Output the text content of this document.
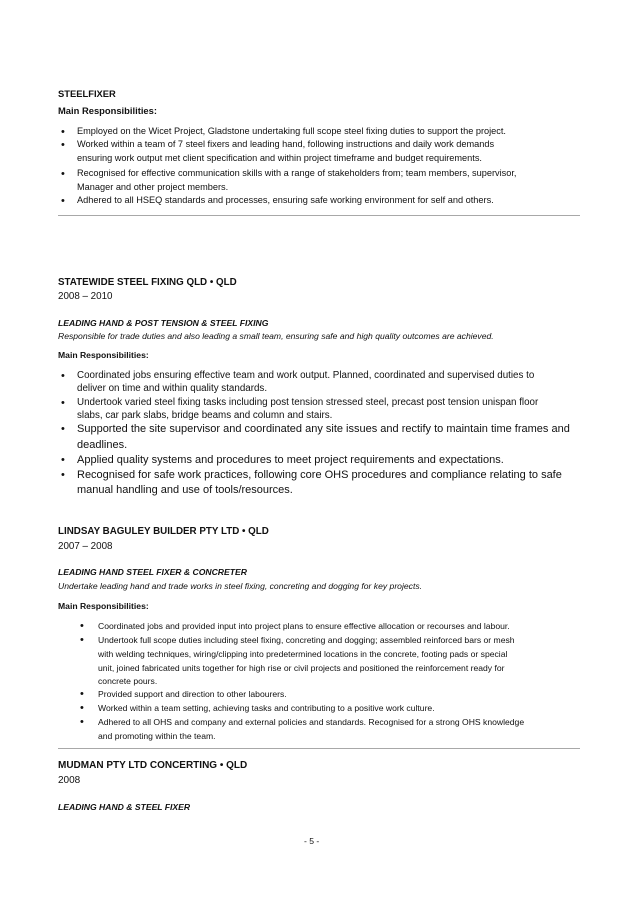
STEELFIXER
Main Responsibilities:
• Employed on the Wicet Project, Gladstone undertaking full scope steel fixing duties to support the project.
• Worked within a team of 7 steel fixers and leading hand, following instructions and daily work demands
ensuring work output met client specification and within project timeframe and budget requirements.
• Recognised for effective communication skills with a range of stakeholders from; team members, supervisor,
Manager and other project members.
• Adhered to all HSEQ standards and processes, ensuring safe working environment for self and others.
STATEWIDE STEEL FIXING QLD • QLD
2008 – 2010
LEADING HAND & POST TENSION & STEEL FIXING
Responsible for trade duties and also leading a small team, ensuring safe and high quality outcomes are achieved.
Main Responsibilities:
• Coordinated jobs ensuring effective team and work output. Planned, coordinated and supervised duties to
deliver on time and within quality standards.
• Undertook varied steel fixing tasks including post tension stressed steel, precast post tension unispan floor
slabs, car park slabs, bridge beams and column and stairs.
• Supported the site supervisor and coordinated any site issues and rectify to maintain time frames and
deadlines.
• Applied quality systems and procedures to meet project requirements and expectations.
• Recognised for safe work practices, following core OHS procedures and compliance relating to safe
manual handling and use of tools/resources.
LINDSAY BAGULEY BUILDER PTY LTD • QLD
2007 – 2008
LEADING HAND STEEL FIXER & CONCRETER
Undertake leading hand and trade works in steel fixing, concreting and dogging for key projects.
Main Responsibilities:
• Coordinated jobs and provided input into project plans to ensure effective allocation or recourses and labour.
• Undertook full scope duties including steel fixing, concreting and dogging; assembled reinforced bars or mesh
with welding techniques, wiring/clipping into predetermined locations in the concrete, footing pads or special
unit, joined fabricated units together for high rise or civil projects and positioned the reinforcement ready for
concrete pours.
• Provided support and direction to other labourers.
• Worked within a team setting, achieving tasks and contributing to a positive work culture.
• Adhered to all OHS and company and external policies and standards. Recognised for a strong OHS knowledge
and promoting within the team.
MUDMAN PTY LTD CONCERTING • QLD
2008
LEADING HAND & STEEL FIXER
- 5 -
